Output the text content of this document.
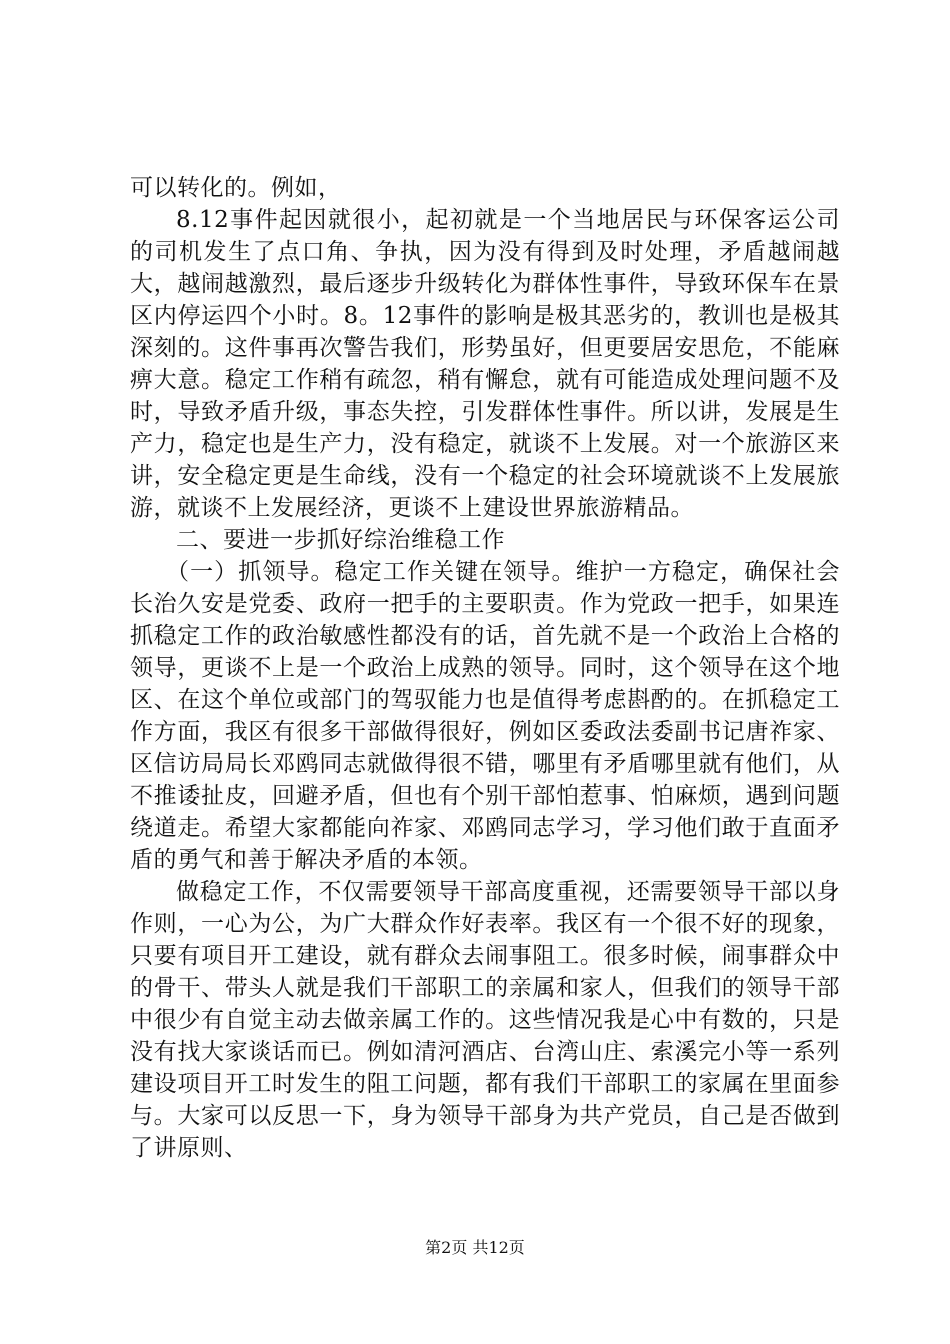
可以转化的。例如，

8.12事件起因就很小，起初就是一个当地居民与环保客运公司的司机发生了点口角、争执，因为没有得到及时处理，矛盾越闹越大，越闹越激烈，最后逐步升级转化为群体性事件，导致环保车在景区内停运四个小时。8。12事件的影响是极其恶劣的，教训也是极其深刻的。这件事再次警告我们，形势虽好，但更要居安思危，不能麻痹大意。稳定工作稍有疏忽，稍有懈怠，就有可能造成处理问题不及时，导致矛盾升级，事态失控，引发群体性事件。所以讲，发展是生产力，稳定也是生产力，没有稳定，就谈不上发展。对一个旅游区来讲，安全稳定更是生命线，没有一个稳定的社会环境就谈不上发展旅游，就谈不上发展经济，更谈不上建设世界旅游精品。

二、要进一步抓好综治维稳工作

（一）抓领导。稳定工作关键在领导。维护一方稳定，确保社会长治久安是党委、政府一把手的主要职责。作为党政一把手，如果连抓稳定工作的政治敏感性都没有的话，首先就不是一个政治上合格的领导，更谈不上是一个政治上成熟的领导。同时，这个领导在这个地区、在这个单位或部门的驾驭能力也是值得考虑斟酌的。在抓稳定工作方面，我区有很多干部做得很好，例如区委政法委副书记唐祚家、区信访局局长邓鸥同志就做得很不错，哪里有矛盾哪里就有他们，从不推诿扯皮，回避矛盾，但也有个别干部怕惹事、怕麻烦，遇到问题绕道走。希望大家都能向祚家、邓鸥同志学习，学习他们敢于直面矛盾的勇气和善于解决矛盾的本领。

做稳定工作，不仅需要领导干部高度重视，还需要领导干部以身作则，一心为公，为广大群众作好表率。我区有一个很不好的现象，只要有项目开工建设，就有群众去闹事阻工。很多时候，闹事群众中的骨干、带头人就是我们干部职工的亲属和家人，但我们的领导干部中很少有自觉主动去做亲属工作的。这些情况我是心中有数的，只是没有找大家谈话而已。例如清河酒店、台湾山庄、索溪完小等一系列建设项目开工时发生的阻工问题，都有我们干部职工的家属在里面参与。大家可以反思一下，身为领导干部身为共产党员，自己是否做到了讲原则、

第2页 共12页
